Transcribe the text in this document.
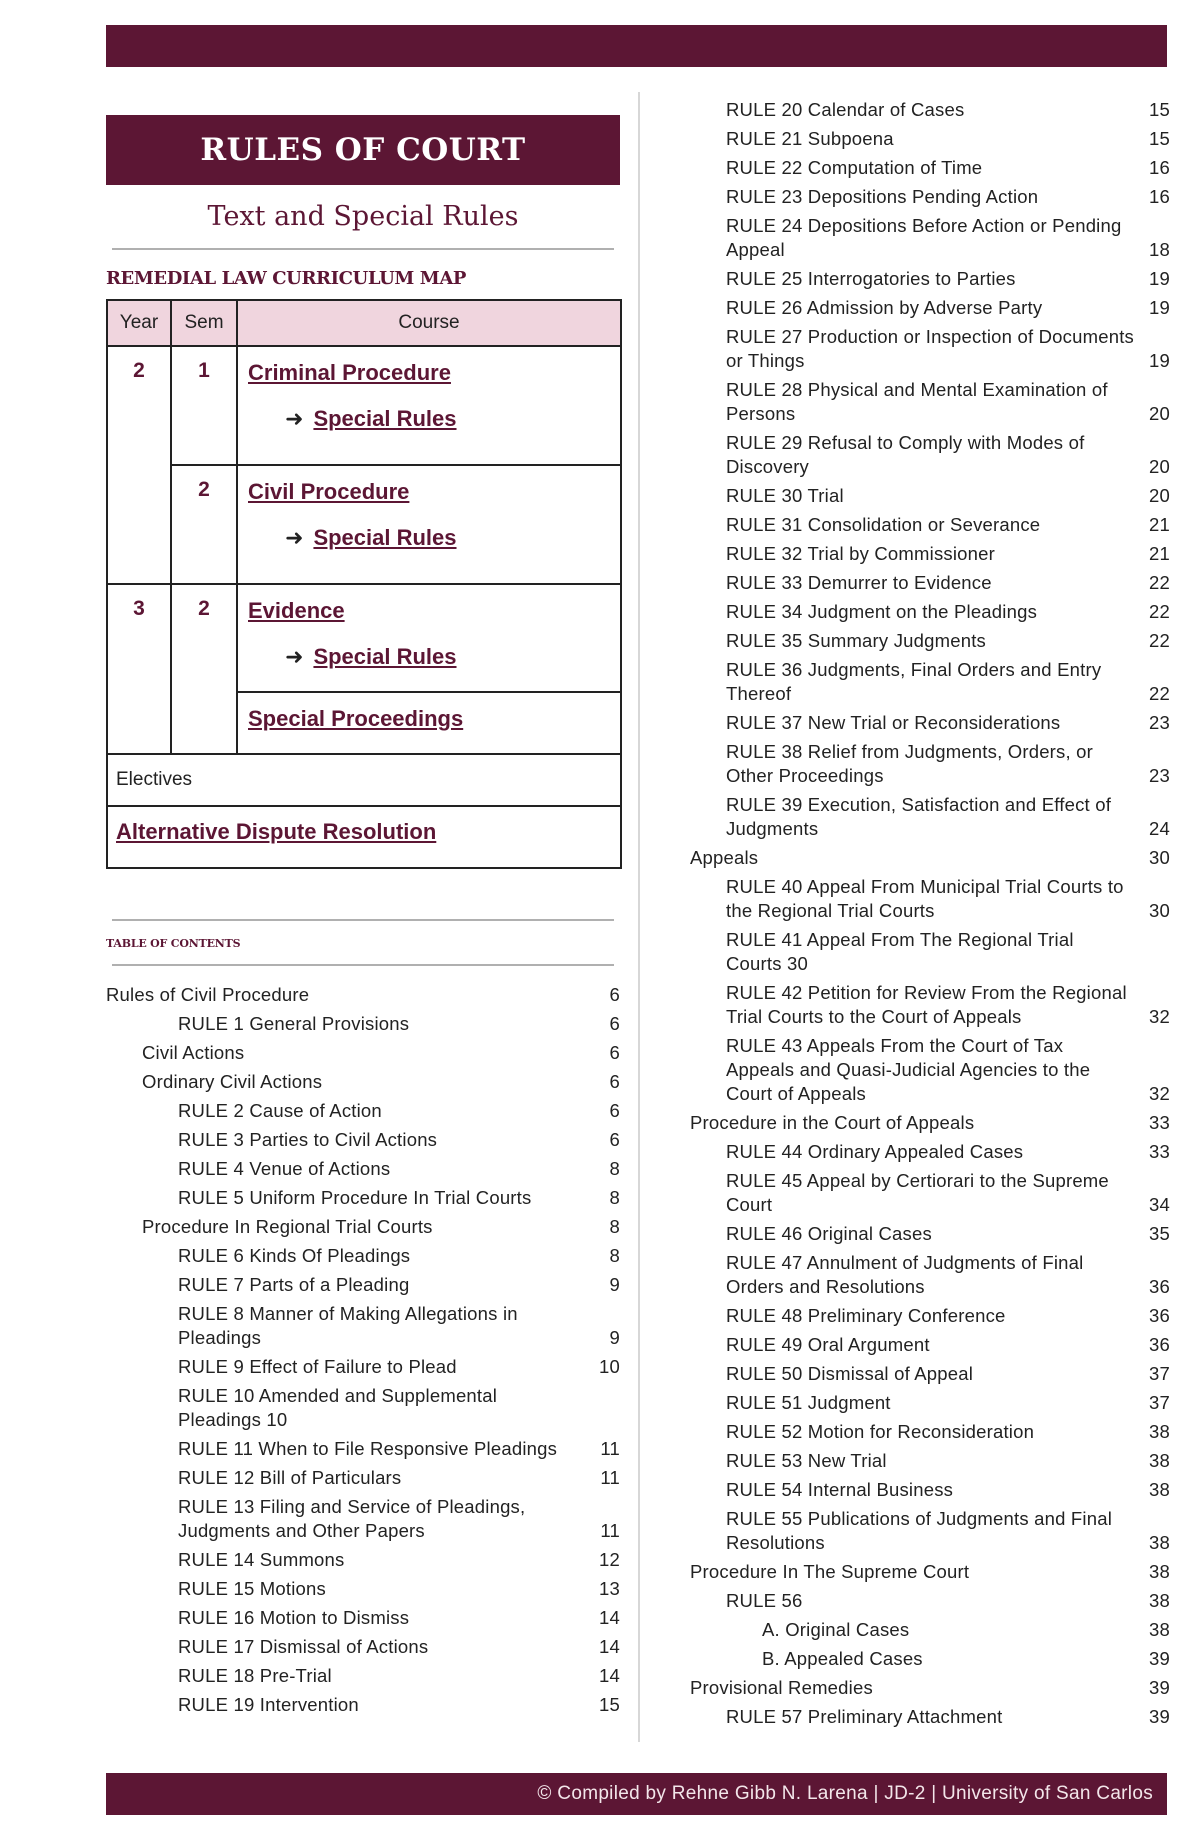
RULES OF COURT
Text and Special Rules
REMEDIAL LAW CURRICULUM MAP
Year	Sem	Course
2	1	Criminal Procedure
➜ Special Rules

	2	Civil Procedure
➜ Special Rules

3	2	Evidence
➜ Special Rules

		Special Proceedings

Electives		

Alternative Dispute Resolution		
TABLE OF CONTENTS
Rules of Civil Procedure	6
RULE 1 General Provisions	6
Civil Actions	6
Ordinary Civil Actions	6
RULE 2 Cause of Action	6
RULE 3 Parties to Civil Actions	6
RULE 4 Venue of Actions	8
RULE 5 Uniform Procedure In Trial Courts	8
Procedure In Regional Trial Courts	8
RULE 6 Kinds Of Pleadings	8
RULE 7 Parts of a Pleading	9
RULE 8 Manner of Making Allegations in Pleadings	9
RULE 9 Effect of Failure to Plead	10
RULE 10 Amended and Supplemental Pleadings 10
RULE 11 When to File Responsive Pleadings	11
RULE 12 Bill of Particulars	11
RULE 13 Filing and Service of Pleadings, Judgments and Other Papers	11
RULE 14 Summons	12
RULE 15 Motions	13
RULE 16 Motion to Dismiss	14
RULE 17 Dismissal of Actions	14
RULE 18 Pre-Trial	14
RULE 19 Intervention	15
RULE 20 Calendar of Cases	15
RULE 21 Subpoena	15
RULE 22 Computation of Time	16
RULE 23 Depositions Pending Action	16
RULE 24 Depositions Before Action or Pending Appeal	18
RULE 25 Interrogatories to Parties	19
RULE 26 Admission by Adverse Party	19
RULE 27 Production or Inspection of Documents or Things	19
RULE 28 Physical and Mental Examination of Persons	20
RULE 29 Refusal to Comply with Modes of Discovery	20
RULE 30 Trial	20
RULE 31 Consolidation or Severance	21
RULE 32 Trial by Commissioner	21
RULE 33 Demurrer to Evidence	22
RULE 34 Judgment on the Pleadings	22
RULE 35 Summary Judgments	22
RULE 36 Judgments, Final Orders and Entry Thereof	22
RULE 37 New Trial or Reconsiderations	23
RULE 38 Relief from Judgments, Orders, or Other Proceedings	23
RULE 39 Execution, Satisfaction and Effect of Judgments	24
Appeals	30
RULE 40 Appeal From Municipal Trial Courts to the Regional Trial Courts	30
RULE 41 Appeal From The Regional Trial Courts 30
RULE 42 Petition for Review From the Regional Trial Courts to the Court of Appeals	32
RULE 43 Appeals From the Court of Tax Appeals and Quasi-Judicial Agencies to the Court of Appeals	32
Procedure in the Court of Appeals	33
RULE 44 Ordinary Appealed Cases	33
RULE 45 Appeal by Certiorari to the Supreme Court	34
RULE 46 Original Cases	35
RULE 47 Annulment of Judgments of Final Orders and Resolutions	36
RULE 48 Preliminary Conference	36
RULE 49 Oral Argument	36
RULE 50 Dismissal of Appeal	37
RULE 51 Judgment	37
RULE 52 Motion for Reconsideration	38
RULE 53 New Trial	38
RULE 54 Internal Business	38
RULE 55 Publications of Judgments and Final Resolutions	38
Procedure In The Supreme Court	38
RULE 56	38
A. Original Cases	38
B. Appealed Cases	39
Provisional Remedies	39
RULE 57 Preliminary Attachment	39
© Compiled by Rehne Gibb N. Larena | JD-2 | University of San Carlos
